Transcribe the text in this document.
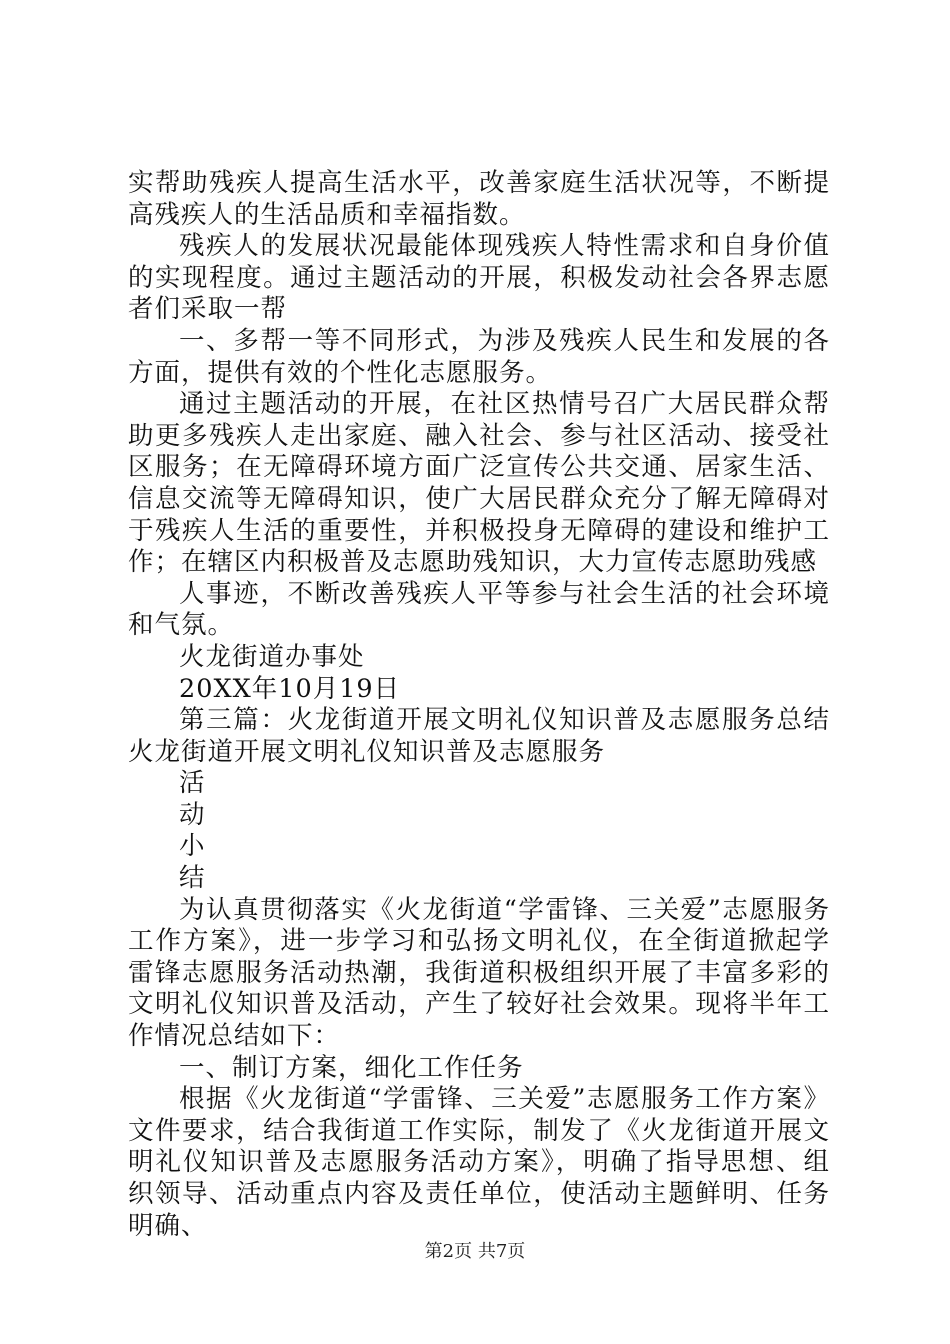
实帮助残疾人提高生活水平，改善家庭生活状况等，不断提高残疾人的生活品质和幸福指数。

残疾人的发展状况最能体现残疾人特性需求和自身价值的实现程度。通过主题活动的开展，积极发动社会各界志愿者们采取一帮

一、多帮一等不同形式，为涉及残疾人民生和发展的各方面，提供有效的个性化志愿服务。

通过主题活动的开展，在社区热情号召广大居民群众帮助更多残疾人走出家庭、融入社会、参与社区活动、接受社区服务；在无障碍环境方面广泛宣传公共交通、居家生活、信息交流等无障碍知识，使广大居民群众充分了解无障碍对于残疾人生活的重要性，并积极投身无障碍的建设和维护工作；在辖区内积极普及志愿助残知识，大力宣传志愿助残感

人事迹，不断改善残疾人平等参与社会生活的社会环境和气氛。

火龙街道办事处

20XX年10月19日

第三篇：火龙街道开展文明礼仪知识普及志愿服务总结火龙街道开展文明礼仪知识普及志愿服务

活

动

小

结

为认真贯彻落实《火龙街道“学雷锋、三关爱”志愿服务工作方案》，进一步学习和弘扬文明礼仪，在全街道掀起学雷锋志愿服务活动热潮，我街道积极组织开展了丰富多彩的文明礼仪知识普及活动，产生了较好社会效果。现将半年工作情况总结如下：

一、制订方案，细化工作任务

根据《火龙街道“学雷锋、三关爱”志愿服务工作方案》文件要求，结合我街道工作实际，制发了《火龙街道开展文明礼仪知识普及志愿服务活动方案》，明确了指导思想、组织领导、活动重点内容及责任单位，使活动主题鲜明、任务明确、

第2页 共7页
